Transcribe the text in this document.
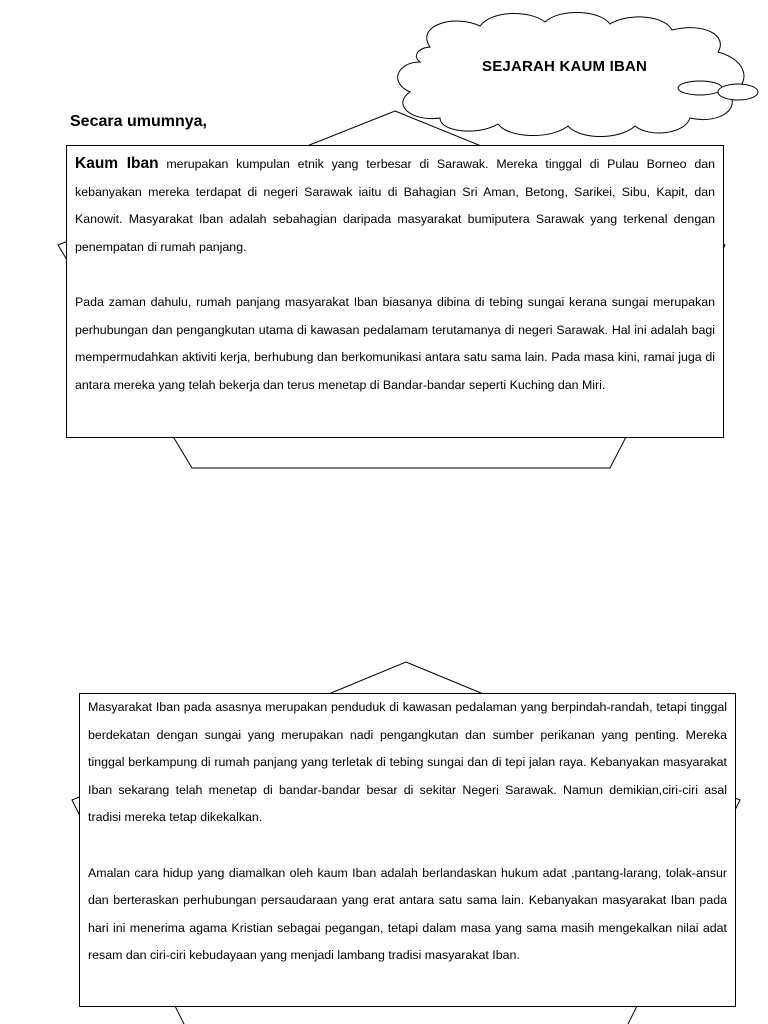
SEJARAH KAUM IBAN
Secara umumnya,

Kaum Iban merupakan kumpulan etnik yang terbesar di Sarawak. Mereka tinggal di Pulau Borneo dan kebanyakan mereka terdapat di negeri Sarawak iaitu di Bahagian Sri Aman, Betong, Sarikei, Sibu, Kapit, dan Kanowit. Masyarakat Iban adalah sebahagian daripada masyarakat bumiputera Sarawak yang terkenal dengan penempatan di rumah panjang.

Pada zaman dahulu, rumah panjang masyarakat Iban biasanya dibina di tebing sungai kerana sungai merupakan perhubungan dan pengangkutan utama di kawasan pedalamam terutamanya di negeri Sarawak. Hal ini adalah bagi mempermudahkan aktiviti kerja, berhubung dan berkomunikasi antara satu sama lain. Pada masa kini, ramai juga di antara mereka yang telah bekerja dan terus menetap di Bandar-bandar seperti Kuching dan Miri.

Masyarakat Iban pada asasnya merupakan penduduk di kawasan pedalaman yang berpindah-randah, tetapi tinggal berdekatan dengan sungai yang merupakan nadi pengangkutan dan sumber perikanan yang penting. Mereka tinggal berkampung di rumah panjang yang terletak di tebing sungai dan di tepi jalan raya. Kebanyakan masyarakat Iban sekarang telah menetap di bandar-bandar besar di sekitar Negeri Sarawak. Namun demikian,ciri-ciri asal tradisi mereka tetap dikekalkan.

Amalan cara hidup yang diamalkan oleh kaum Iban adalah berlandaskan hukum adat ,pantang-larang, tolak-ansur dan berteraskan perhubungan persaudaraan yang erat antara satu sama lain. Kebanyakan masyarakat Iban pada hari ini menerima agama Kristian sebagai pegangan, tetapi dalam masa yang sama masih mengekalkan nilai adat resam dan ciri-ciri kebudayaan yang menjadi lambang tradisi masyarakat Iban.
